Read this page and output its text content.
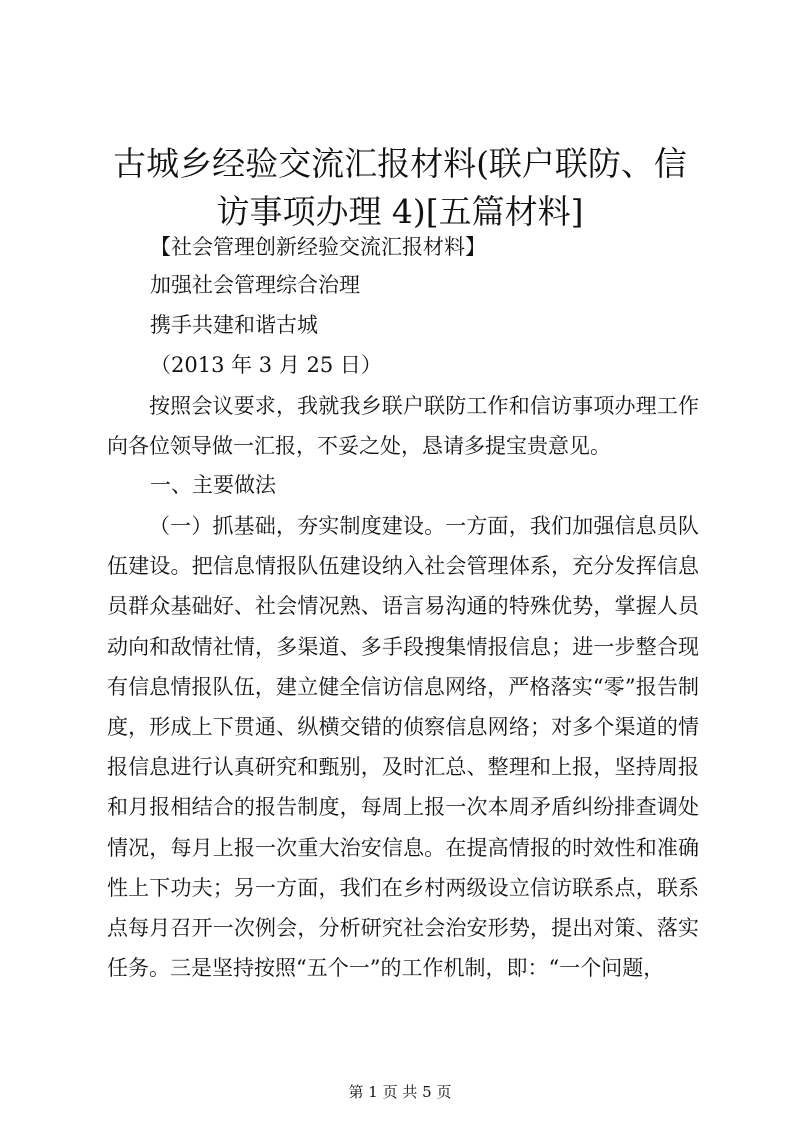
古城乡经验交流汇报材料(联户联防、信访事项办理 4)[五篇材料]

【社会管理创新经验交流汇报材料】

加强社会管理综合治理

携手共建和谐古城

（2013 年 3 月 25 日）

按照会议要求，我就我乡联户联防工作和信访事项办理工作向各位领导做一汇报，不妥之处，恳请多提宝贵意见。

一、主要做法

（一）抓基础，夯实制度建设。一方面，我们加强信息员队伍建设。把信息情报队伍建设纳入社会管理体系，充分发挥信息员群众基础好、社会情况熟、语言易沟通的特殊优势，掌握人员动向和敌情社情，多渠道、多手段搜集情报信息；进一步整合现有信息情报队伍，建立健全信访信息网络，严格落实“零”报告制度，形成上下贯通、纵横交错的侦察信息网络；对多个渠道的情报信息进行认真研究和甄别，及时汇总、整理和上报，坚持周报和月报相结合的报告制度，每周上报一次本周矛盾纠纷排查调处情况，每月上报一次重大治安信息。在提高情报的时效性和准确性上下功夫；另一方面，我们在乡村两级设立信访联系点，联系点每月召开一次例会，分析研究社会治安形势，提出对策、落实任务。三是坚持按照“五个一”的工作机制，即：“一个问题，

第 1 页 共 5 页
